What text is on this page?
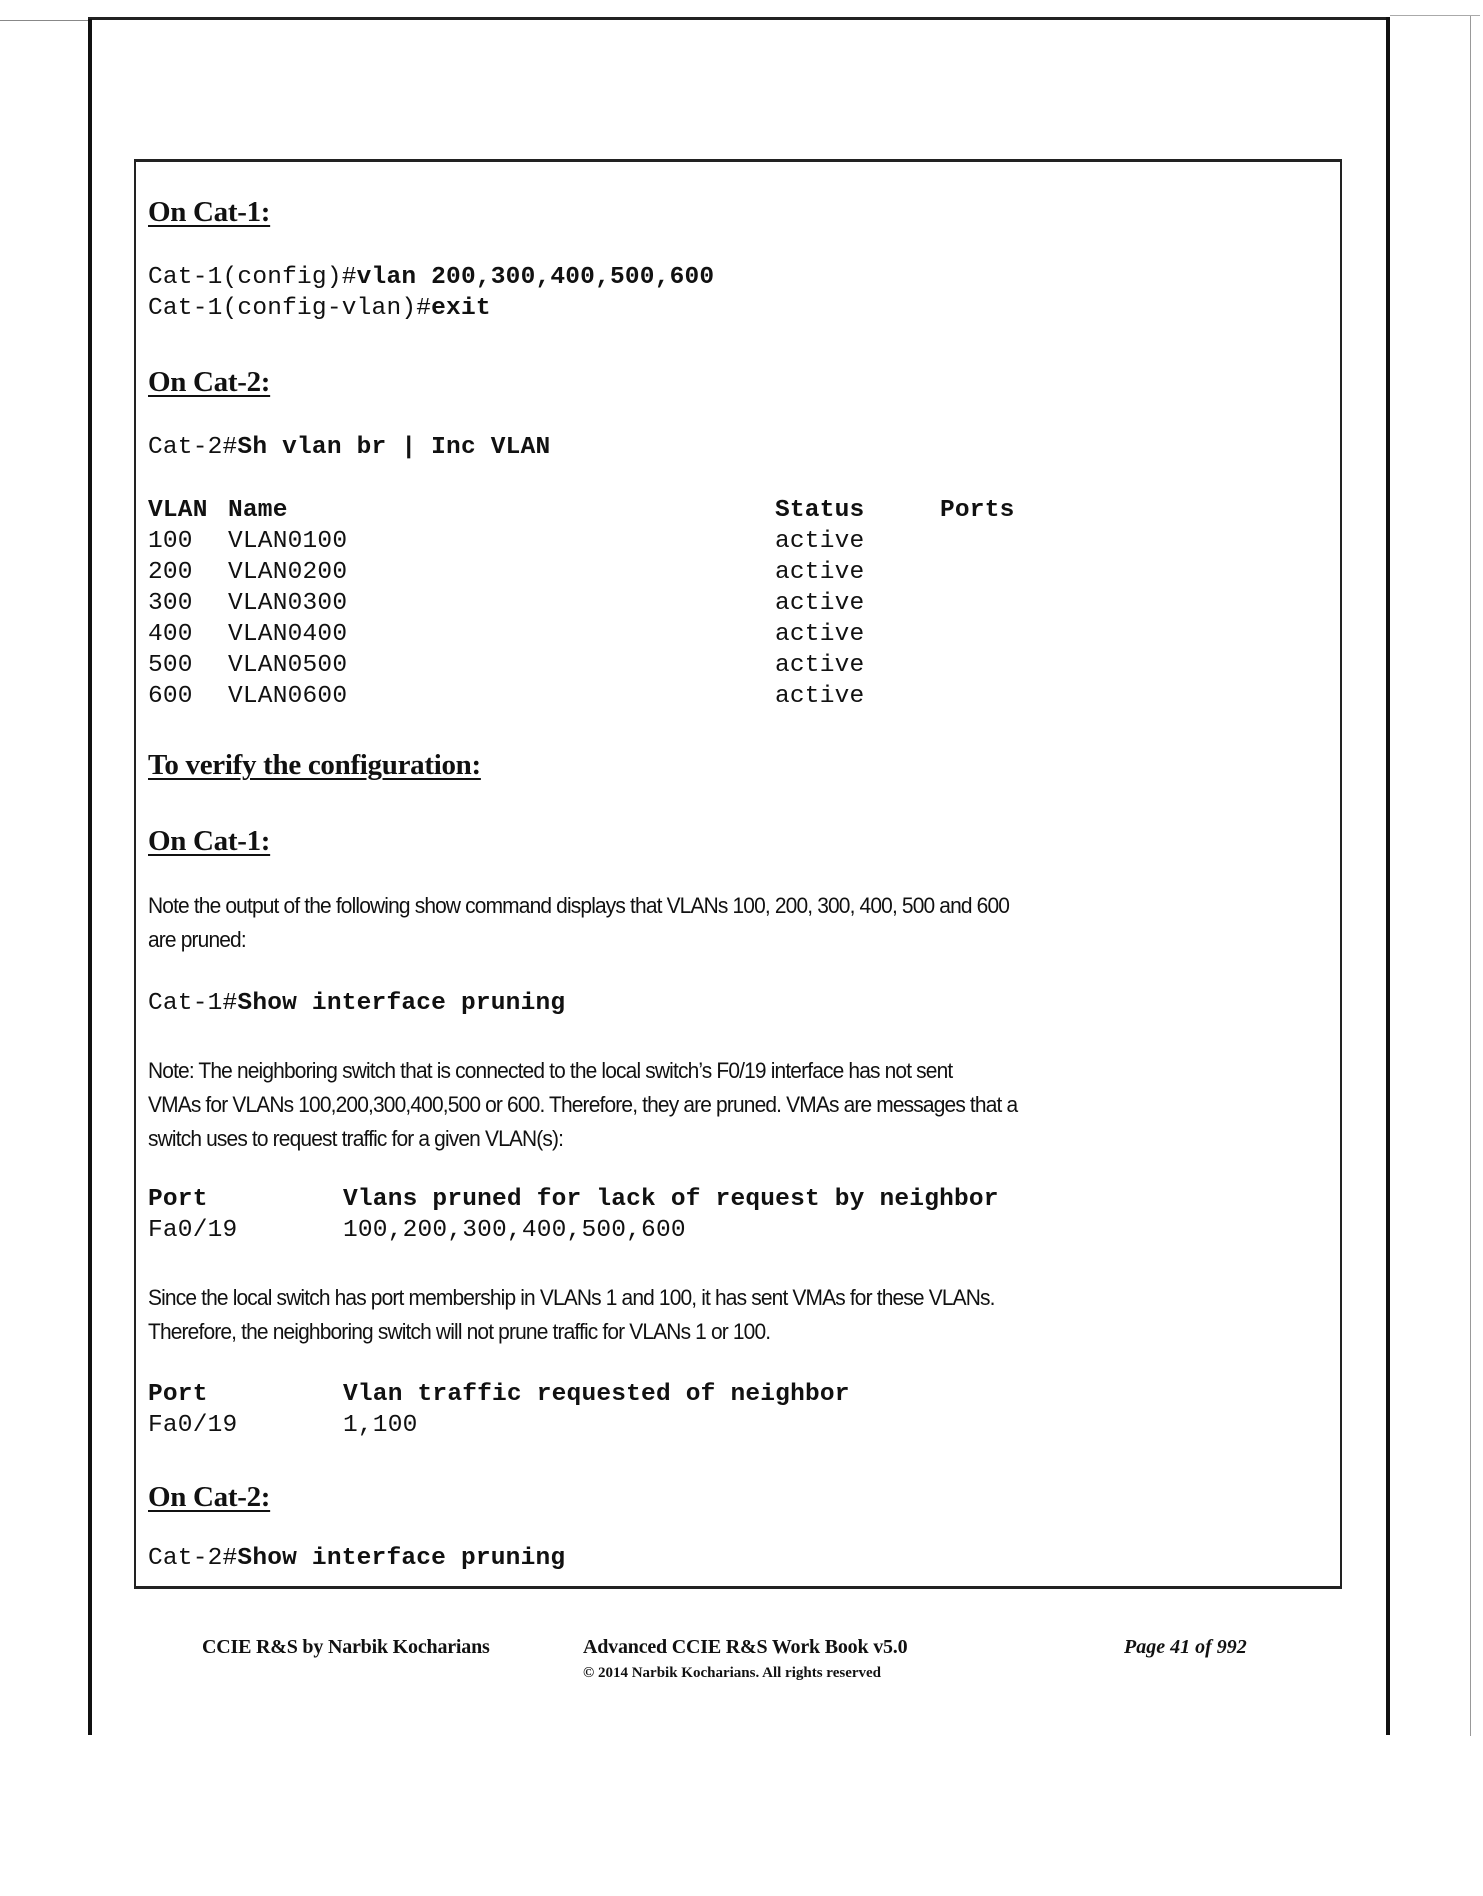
On Cat-1:
Cat-1(config)#vlan 200,300,400,500,600
Cat-1(config-vlan)#exit
On Cat-2:
Cat-2#Sh vlan br | Inc VLAN
VLAN Name	Status	Ports
100 VLAN0100	active
200 VLAN0200	active
300 VLAN0300	active
400 VLAN0400	active
500 VLAN0500	active
600 VLAN0600	active
To verify the configuration:
On Cat-1:
Note the output of the following show command displays that VLANs 100, 200, 300, 400, 500 and 600
are pruned:
Cat-1#Show interface pruning
Note: The neighboring switch that is connected to the local switch’s F0/19 interface has not sent
VMAs for VLANs 100,200,300,400,500 or 600. Therefore, they are pruned. VMAs are messages that a
switch uses to request traffic for a given VLAN(s):
Port	Vlans pruned for lack of request by neighbor
Fa0/19	100,200,300,400,500,600
Since the local switch has port membership in VLANs 1 and 100, it has sent VMAs for these VLANs.
Therefore, the neighboring switch will not prune traffic for VLANs 1 or 100.
Port	Vlan traffic requested of neighbor
Fa0/19	1,100
On Cat-2:
Cat-2#Show interface pruning
CCIE R&S by Narbik Kocharians	Advanced CCIE R&S Work Book v5.0
© 2014 Narbik Kocharians. All rights reserved
Page 41 of 992
